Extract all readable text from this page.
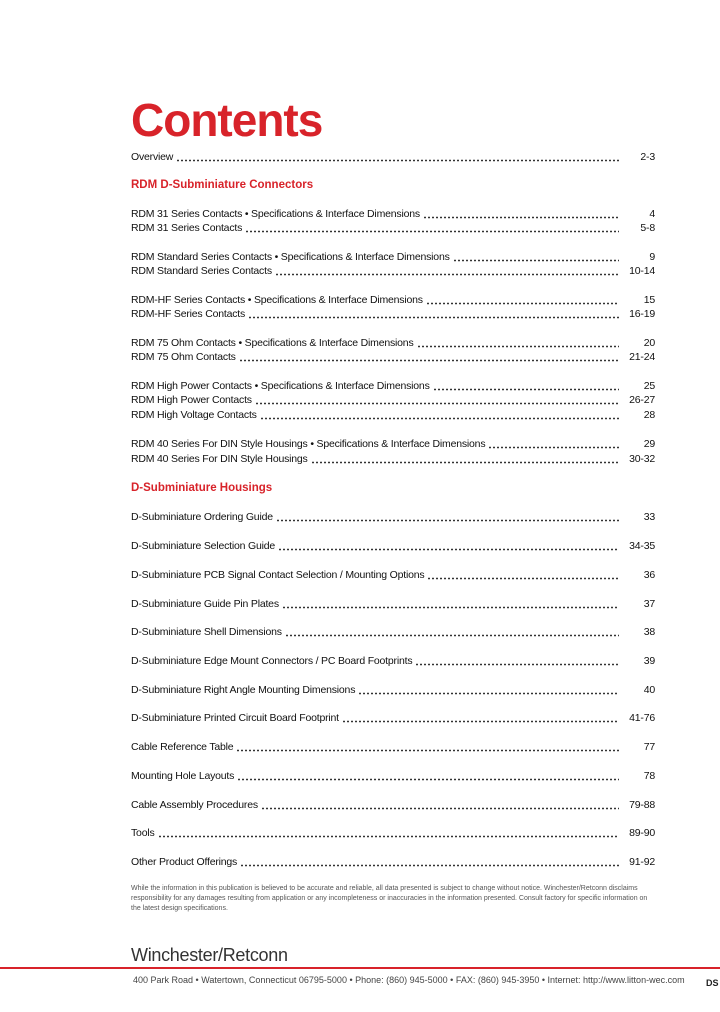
Contents
Overview	2-3
RDM D-Subminiature Connectors
RDM 31 Series Contacts • Specifications & Interface Dimensions	4
RDM 31 Series Contacts	5-8
RDM Standard Series Contacts • Specifications & Interface Dimensions	9
RDM Standard Series Contacts	10-14
RDM-HF Series Contacts • Specifications & Interface Dimensions	15
RDM-HF Series Contacts	16-19
RDM 75 Ohm Contacts • Specifications & Interface Dimensions	20
RDM 75 Ohm Contacts	21-24
RDM High Power Contacts • Specifications & Interface Dimensions	25
RDM High Power Contacts	26-27
RDM High Voltage Contacts	28
RDM 40 Series For DIN Style Housings • Specifications & Interface Dimensions	29
RDM 40 Series For DIN Style Housings	30-32
D-Subminiature Housings
D-Subminiature Ordering Guide	33
D-Subminiature Selection Guide	34-35
D-Subminiature PCB Signal Contact Selection / Mounting Options	36
D-Subminiature Guide Pin Plates	37
D-Subminiature Shell Dimensions	38
D-Subminiature Edge Mount Connectors / PC Board Footprints	39
D-Subminiature Right Angle Mounting Dimensions	40
D-Subminiature Printed Circuit Board Footprint	41-76
Cable Reference Table	77
Mounting Hole Layouts	78
Cable Assembly Procedures	79-88
Tools	89-90
Other Product Offerings	91-92
While the information in this publication is believed to be accurate and reliable, all data presented is subject to change without notice. Winchester/Retconn disclaims responsibility for any damages resulting from application or any incompleteness or inaccuracies in the information presented. Consult factory for specific information on the latest design specifications.
Winchester/Retconn
400 Park Road • Watertown, Connecticut 06795-5000 • Phone: (860) 945-5000 • FAX: (860) 945-3950 • Internet: http://www.litton-wec.com DS
